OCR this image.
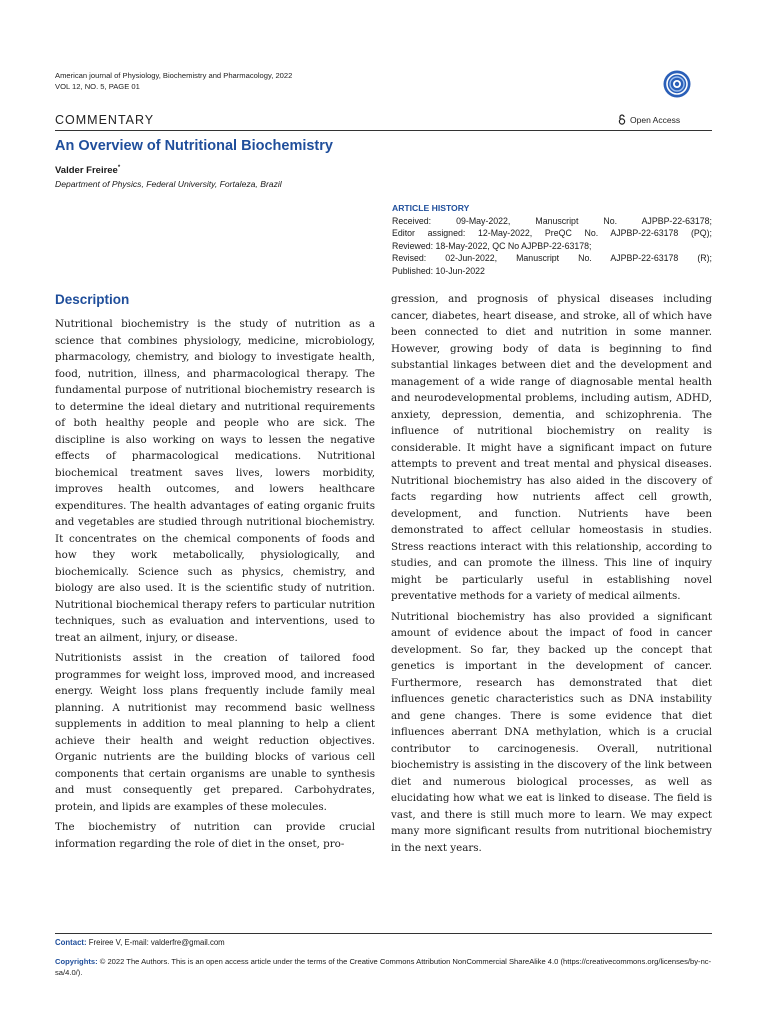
American journal of Physiology, Biochemistry and Pharmacology, 2022
VOL 12, NO. 5, PAGE 01
COMMENTARY	Open Access
An Overview of Nutritional Biochemistry
Valder Freiree*
Department of Physics, Federal University, Fortaleza, Brazil
ARTICLE HISTORY
Received: 09-May-2022, Manuscript No. AJPBP-22-63178;
Editor assigned: 12-May-2022, PreQC No. AJPBP-22-63178 (PQ);
Reviewed: 18-May-2022, QC No AJPBP-22-63178;
Revised: 02-Jun-2022, Manuscript No. AJPBP-22-63178 (R);
Published: 10-Jun-2022
Description

Nutritional biochemistry is the study of nutrition as a science that combines physiology, medicine, microbiology, pharmacology, chemistry, and biology to investigate health, food, nutrition, illness, and pharmacological therapy. The fundamental purpose of nutritional biochemistry research is to determine the ideal dietary and nutritional requirements of both healthy people and people who are sick. The discipline is also working on ways to lessen the negative effects of pharmacological medications. Nutritional biochemical treatment saves lives, lowers morbidity, improves health outcomes, and lowers healthcare expenditures. The health advantages of eating organic fruits and vegetables are studied through nutritional biochemistry. It concentrates on the chemical components of foods and how they work metabolically, physiologically, and biochemically. Science such as physics, chemistry, and biology are also used. It is the scientific study of nutrition. Nutritional biochemical therapy refers to particular nutrition techniques, such as evaluation and interventions, used to treat an ailment, injury, or disease.

Nutritionists assist in the creation of tailored food programmes for weight loss, improved mood, and increased energy. Weight loss plans frequently include family meal planning. A nutritionist may recommend basic wellness supplements in addition to meal planning to help a client achieve their health and weight reduction objectives. Organic nutrients are the building blocks of various cell components that certain organisms are unable to synthesis and must consequently get prepared. Carbohydrates, protein, and lipids are examples of these molecules.

The biochemistry of nutrition can provide crucial information regarding the role of diet in the onset, pro-

gression, and prognosis of physical diseases including cancer, diabetes, heart disease, and stroke, all of which have been connected to diet and nutrition in some manner. However, growing body of data is beginning to find substantial linkages between diet and the development and management of a wide range of diagnosable mental health and neurodevelopmental problems, including autism, ADHD, anxiety, depression, dementia, and schizophrenia. The influence of nutritional biochemistry on reality is considerable. It might have a significant impact on future attempts to prevent and treat mental and physical diseases. Nutritional biochemistry has also aided in the discovery of facts regarding how nutrients affect cell growth, development, and function. Nutrients have been demonstrated to affect cellular homeostasis in studies. Stress reactions interact with this relationship, according to studies, and can promote the illness. This line of inquiry might be particularly useful in establishing novel preventative methods for a variety of medical ailments.

Nutritional biochemistry has also provided a significant amount of evidence about the impact of food in cancer development. So far, they backed up the concept that genetics is important in the development of cancer. Furthermore, research has demonstrated that diet influences genetic characteristics such as DNA instability and gene changes. There is some evidence that diet influences aberrant DNA methylation, which is a crucial contributor to carcinogenesis. Overall, nutritional biochemistry is assisting in the discovery of the link between diet and numerous biological processes, as well as elucidating how what we eat is linked to disease. The field is vast, and there is still much more to learn. We may expect many more significant results from nutritional biochemistry in the next years.

Contact: Freiree V, E-mail: valderfre@gmail.com
Copyrights: © 2022 The Authors. This is an open access article under the terms of the Creative Commons Attribution NonCommercial ShareAlike 4.0 (https://creativecommons.org/licenses/by-nc-sa/4.0/).
